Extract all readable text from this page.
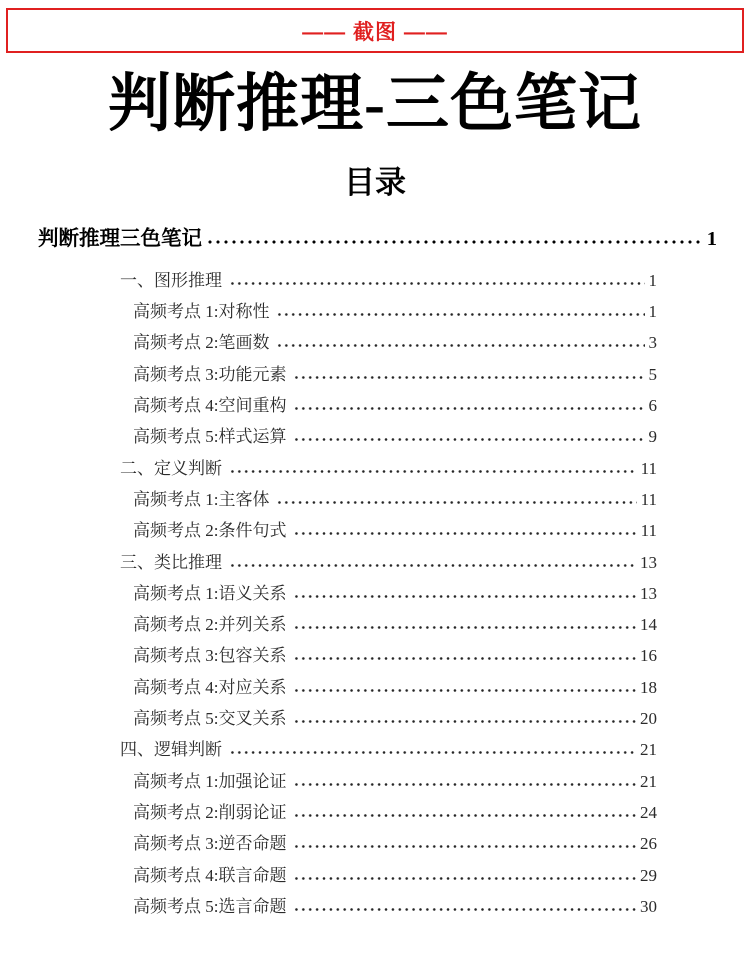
—— 截图 ——
判断推理-三色笔记
目录
判断推理三色笔记	1
一、图形推理	1
高频考点 1:对称性	1
高频考点 2:笔画数	3
高频考点 3:功能元素	5
高频考点 4:空间重构	6
高频考点 5:样式运算	9
二、定义判断	11
高频考点 1:主客体	11
高频考点 2:条件句式	11
三、类比推理	13
高频考点 1:语义关系	13
高频考点 2:并列关系	14
高频考点 3:包容关系	16
高频考点 4:对应关系	18
高频考点 5:交叉关系	20
四、逻辑判断	21
高频考点 1:加强论证	21
高频考点 2:削弱论证	24
高频考点 3:逆否命题	26
高频考点 4:联言命题	29
高频考点 5:选言命题	30
